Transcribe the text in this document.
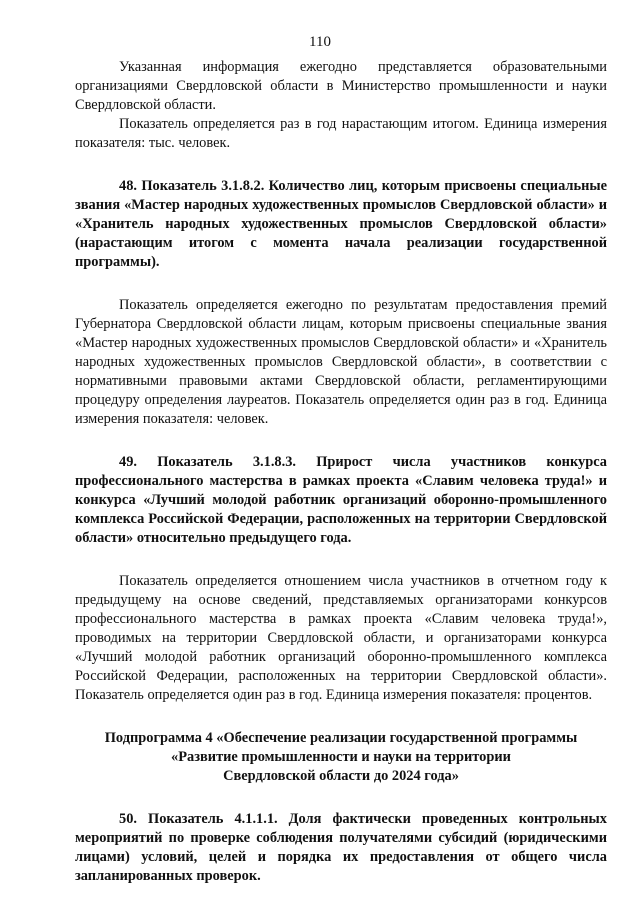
110

Указанная информация ежегодно представляется образовательными организациями Свердловской области в Министерство промышленности и науки Свердловской области.

Показатель определяется раз в год нарастающим итогом. Единица измерения показателя: тыс. человек.

48. Показатель 3.1.8.2. Количество лиц, которым присвоены специальные звания «Мастер народных художественных промыслов Свердловской области» и «Хранитель народных художественных промыслов Свердловской области» (нарастающим итогом с момента начала реализации государственной программы).

Показатель определяется ежегодно по результатам предоставления премий Губернатора Свердловской области лицам, которым присвоены специальные звания «Мастер народных художественных промыслов Свердловской области» и «Хранитель народных художественных промыслов Свердловской области», в соответствии с нормативными правовыми актами Свердловской области, регламентирующими процедуру определения лауреатов. Показатель определяется один раз в год. Единица измерения показателя: человек.

49. Показатель 3.1.8.3. Прирост числа участников конкурса профессионального мастерства в рамках проекта «Славим человека труда!» и конкурса «Лучший молодой работник организаций оборонно-промышленного комплекса Российской Федерации, расположенных на территории Свердловской области» относительно предыдущего года.

Показатель определяется отношением числа участников в отчетном году к предыдущему на основе сведений, представляемых организаторами конкурсов профессионального мастерства в рамках проекта «Славим человека труда!», проводимых на территории Свердловской области, и организаторами конкурса «Лучший молодой работник организаций оборонно-промышленного комплекса Российской Федерации, расположенных на территории Свердловской области». Показатель определяется один раз в год. Единица измерения показателя: процентов.

Подпрограмма 4 «Обеспечение реализации государственной программы

«Развитие промышленности и науки на территории

Свердловской области до 2024 года»

50. Показатель 4.1.1.1. Доля фактически проведенных контрольных мероприятий по проверке соблюдения получателями субсидий (юридическими лицами) условий, целей и порядка их предоставления от общего числа запланированных проверок.
